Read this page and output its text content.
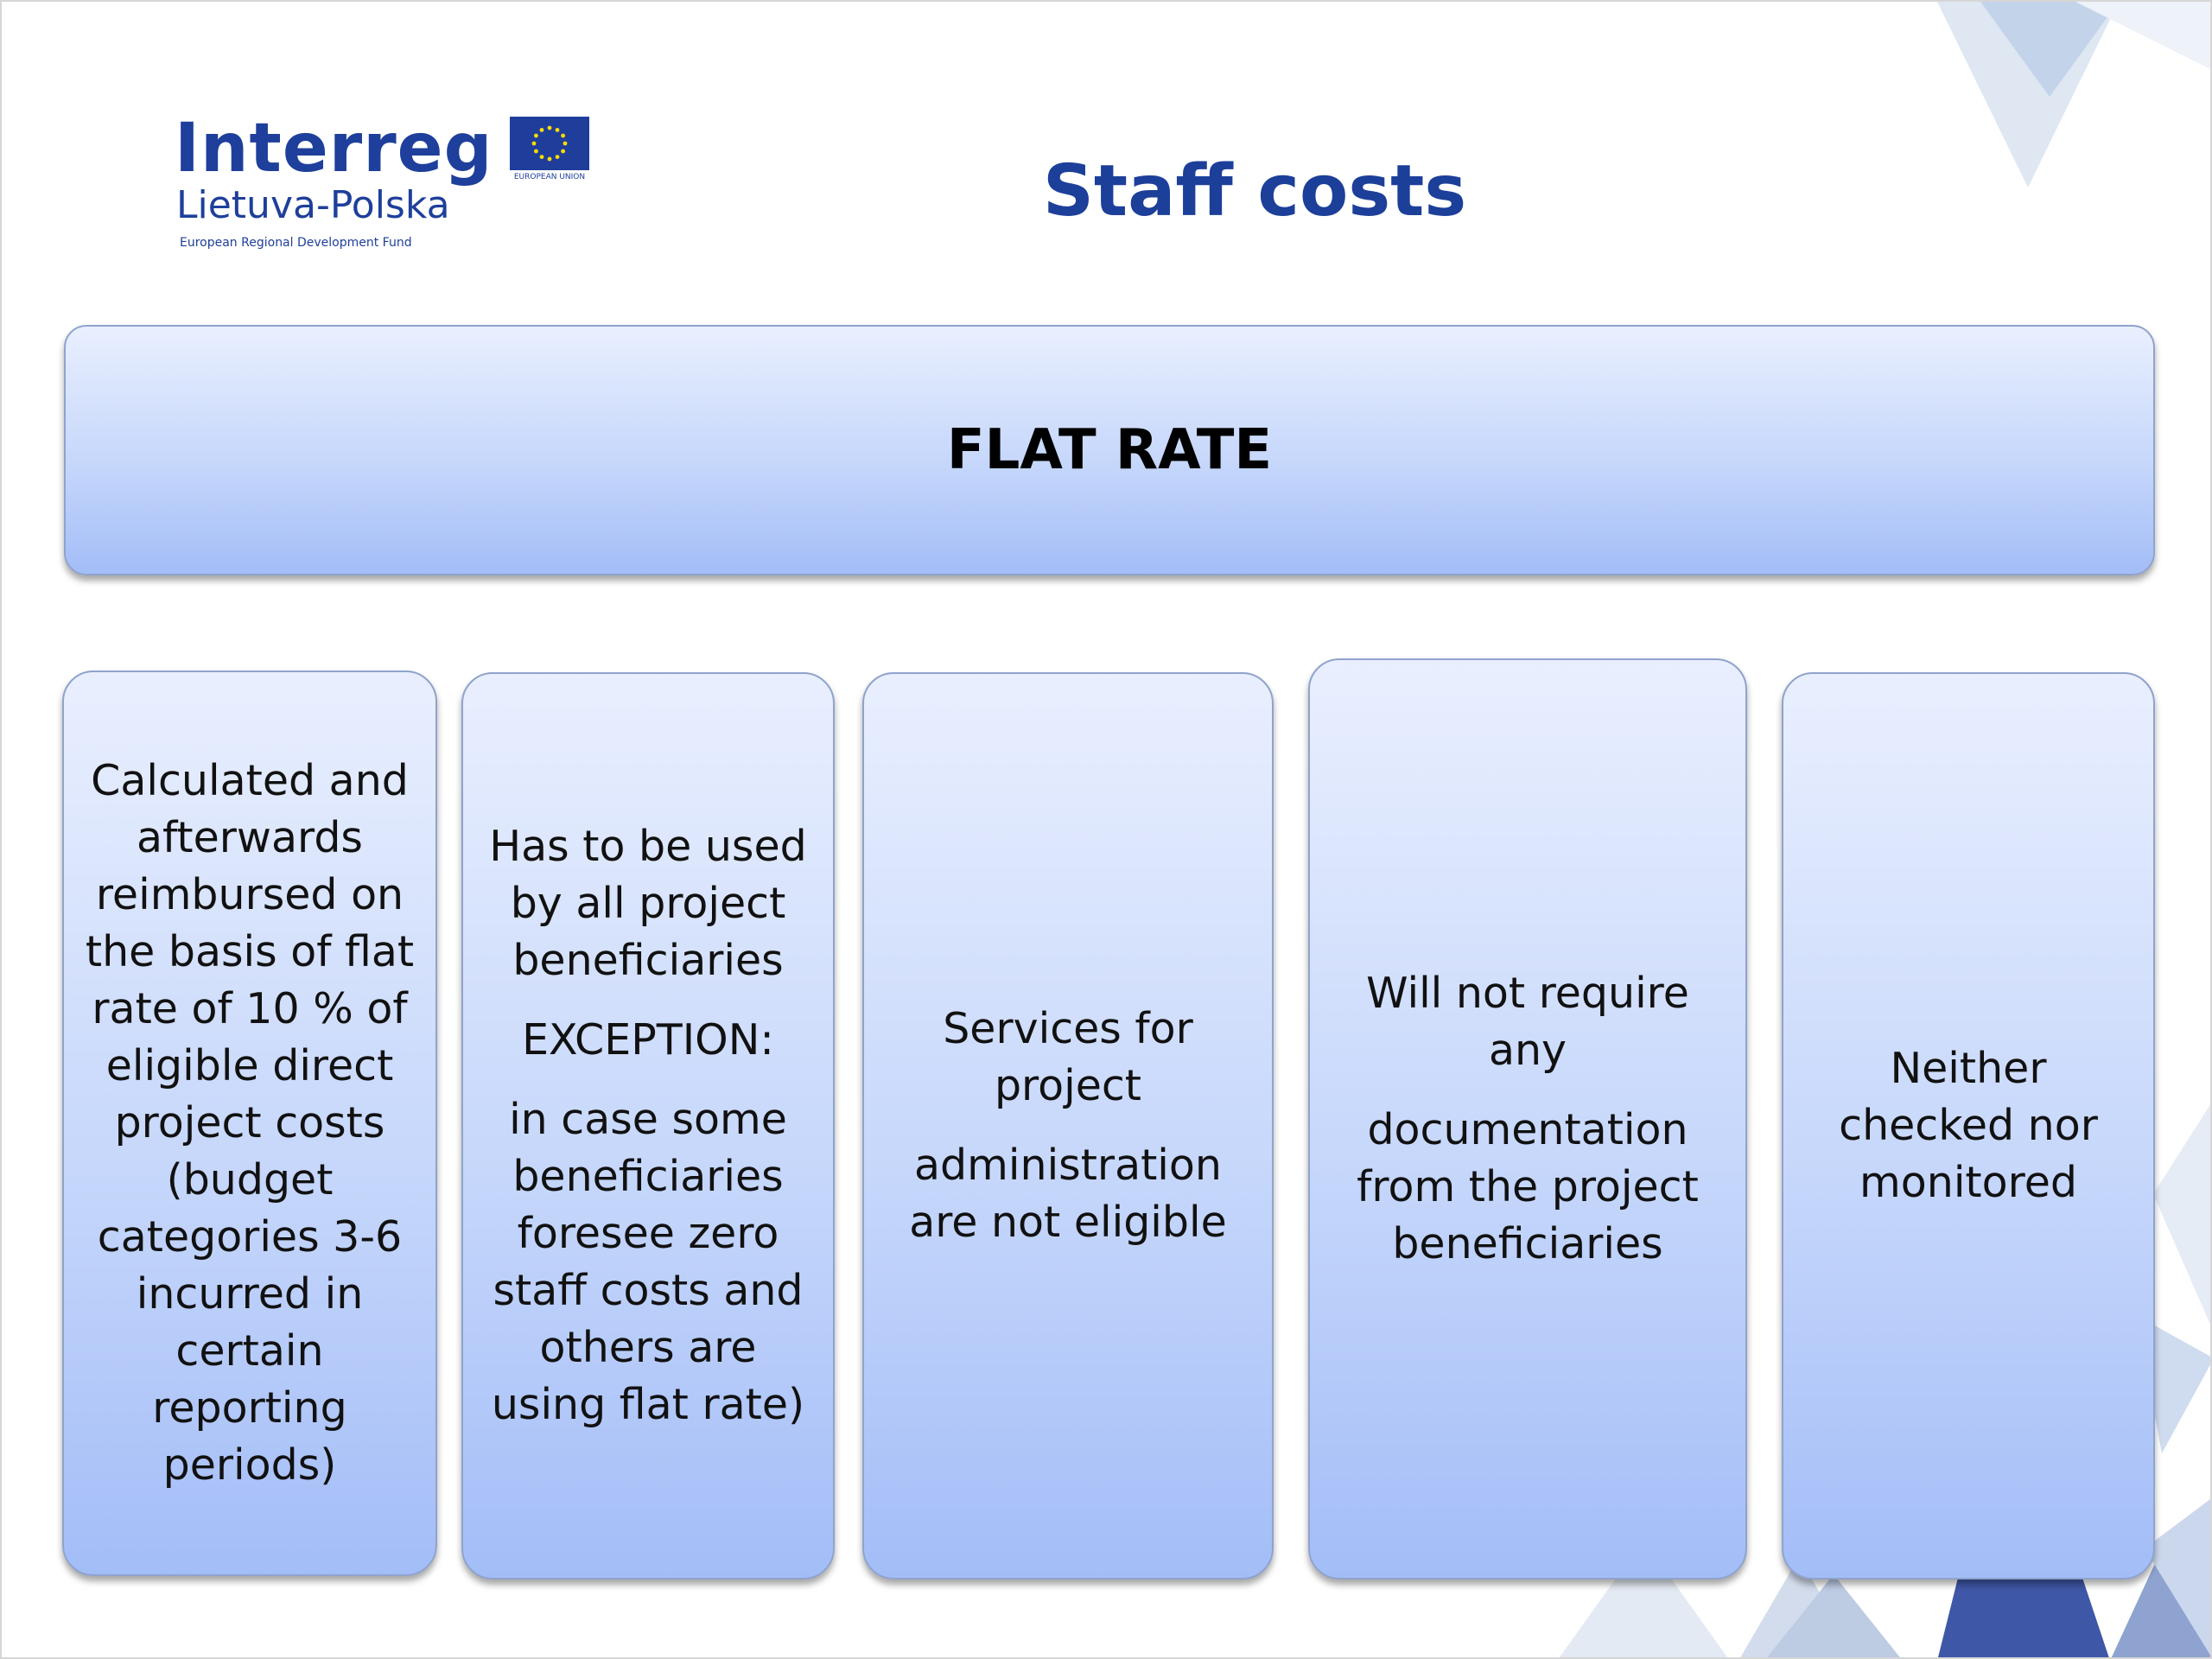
Interreg
Lietuva-Polska
European Regional Development Fund
EUROPEAN UNION	Staff costs
FLAT RATE

Calculated and afterwards reimbursed on the basis of flat rate of 10 % of eligible direct project costs (budget categories 3-6 incurred in certain reporting periods)

Has to be used by all project beneficiaries

EXCEPTION:

in case some beneficiaries foresee zero staff costs and others are using flat rate)

Services for project

administration are not eligible

Will not require any

documentation from the project beneficiaries

Neither checked nor monitored
